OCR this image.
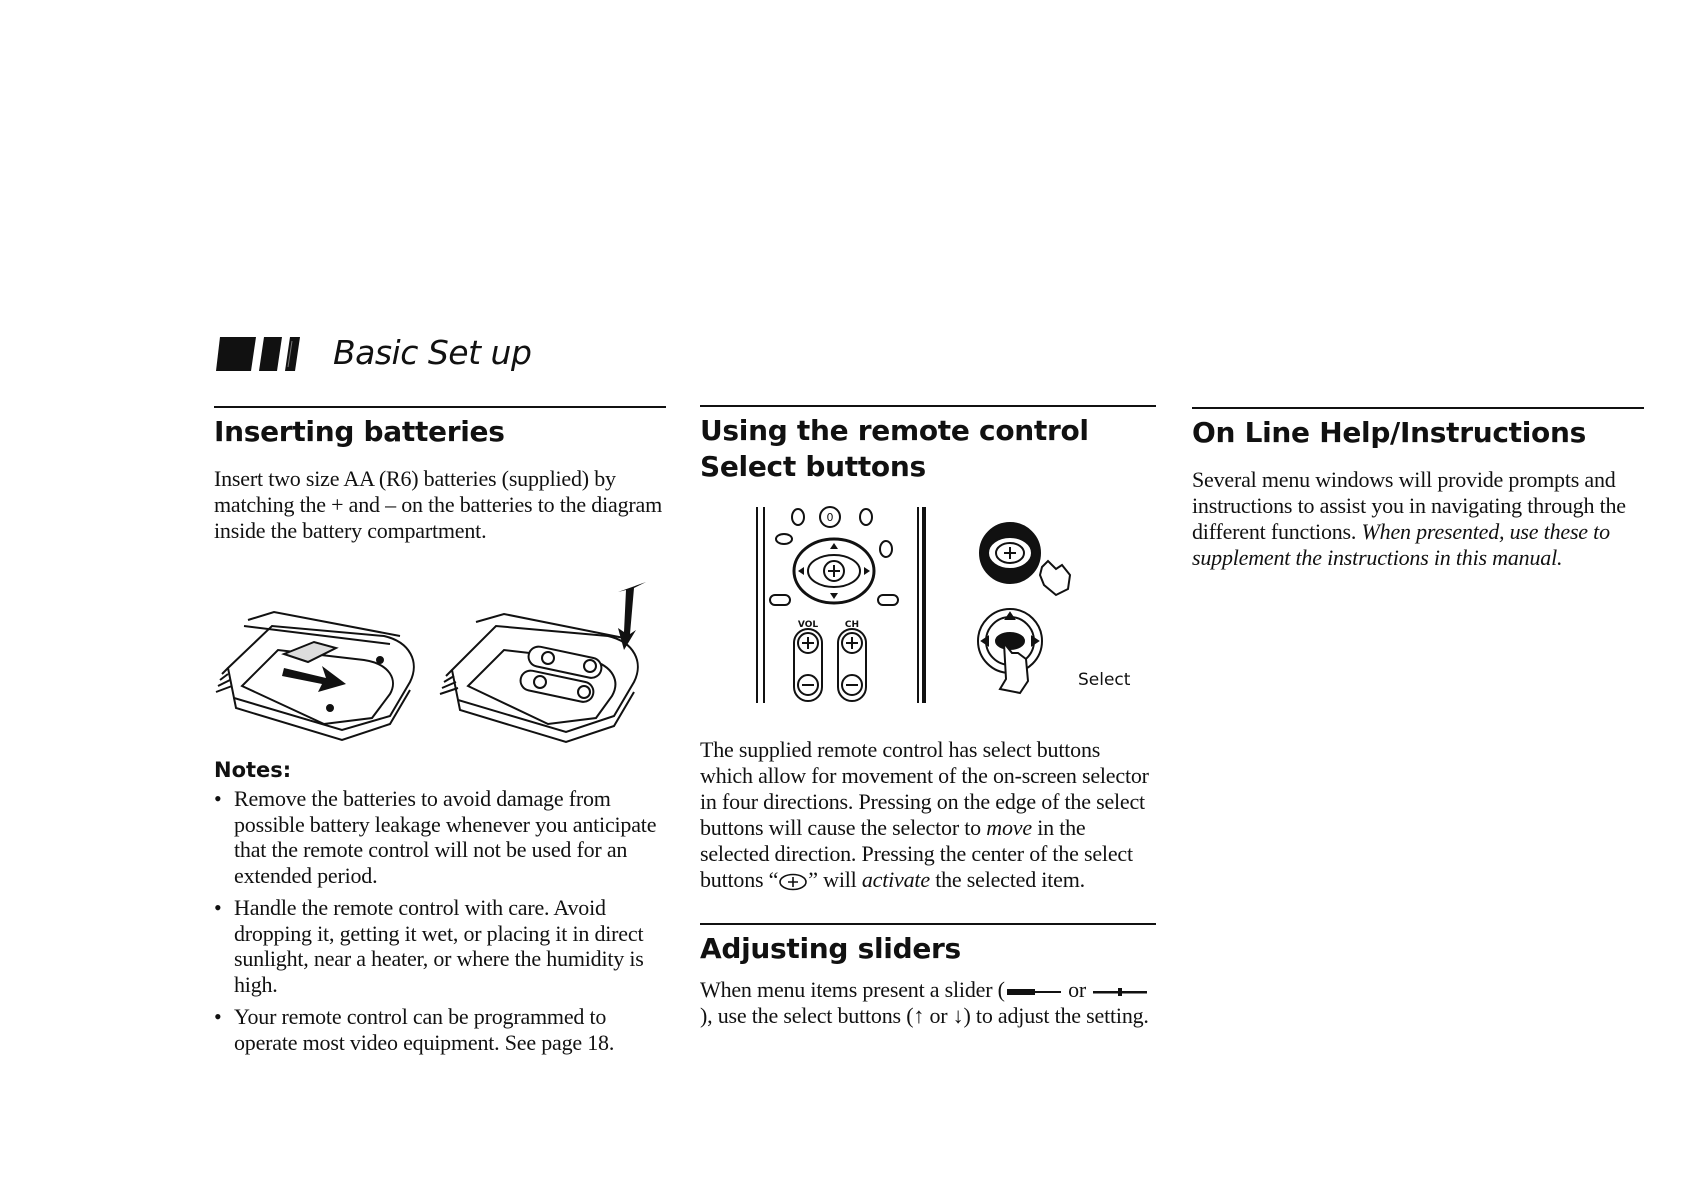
Basic Set up
Inserting batteries

Insert two size AA (R6) batteries (supplied) by matching the + and – on the batteries to the diagram inside the battery compartment.

Notes:
• Remove the batteries to avoid damage from possible battery leakage whenever you anticipate that the remote control will not be used for an extended period.
• Handle the remote control with care. Avoid dropping it, getting it wet, or placing it in direct sunlight, near a heater, or where the humidity is high.
• Your remote control can be programmed to operate most video equipment. See page 18.
Using the remote control
Select buttons
0
VOL	CH
Select

The supplied remote control has select buttons which allow for movement of the on-screen selector in four directions. Pressing on the edge of the select buttons will cause the selector to move in the selected direction. Pressing the center of the select buttons “ ” will activate the selected item.

Adjusting sliders

When menu items present a slider (	or ), use the select buttons (↑ or ↓) to adjust the setting.

On Line Help/Instructions

Several menu windows will provide prompts and instructions to assist you in navigating through the different functions. When presented, use these to supplement the instructions in this manual.
